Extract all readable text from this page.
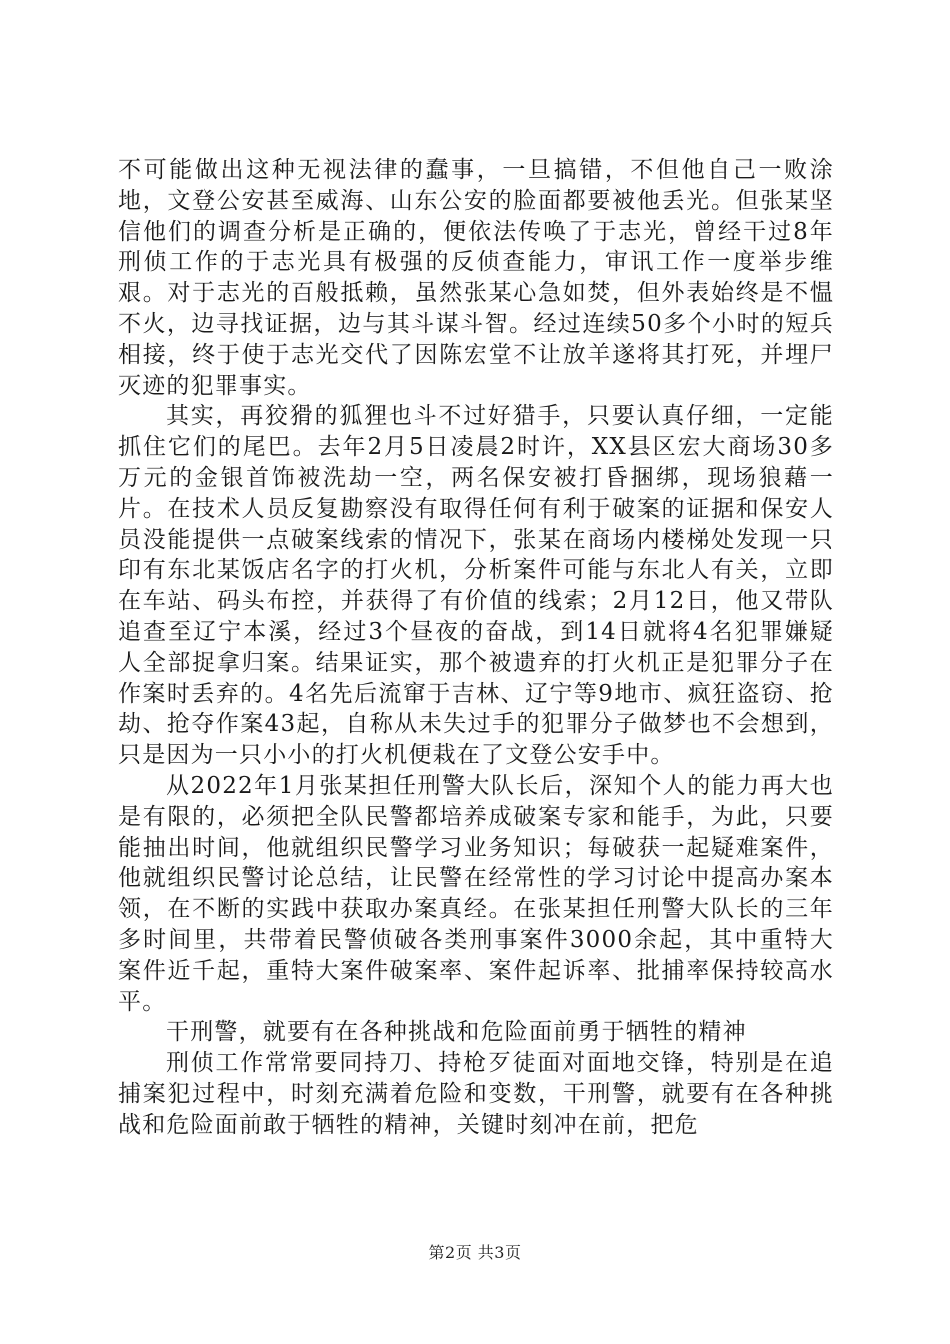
不可能做出这种无视法律的蠢事，一旦搞错，不但他自己一败涂地，文登公安甚至威海、山东公安的脸面都要被他丢光。但张某坚信他们的调查分析是正确的，便依法传唤了于志光，曾经干过8年刑侦工作的于志光具有极强的反侦查能力，审讯工作一度举步维艰。对于志光的百般抵赖，虽然张某心急如焚，但外表始终是不愠不火，边寻找证据，边与其斗谋斗智。经过连续50多个小时的短兵相接，终于使于志光交代了因陈宏堂不让放羊遂将其打死，并埋尸灭迹的犯罪事实。

其实，再狡猾的狐狸也斗不过好猎手，只要认真仔细，一定能抓住它们的尾巴。去年2月5日凌晨2时许，XX县区宏大商场30多万元的金银首饰被洗劫一空，两名保安被打昏捆绑，现场狼藉一片。在技术人员反复勘察没有取得任何有利于破案的证据和保安人员没能提供一点破案线索的情况下，张某在商场内楼梯处发现一只印有东北某饭店名字的打火机，分析案件可能与东北人有关，立即在车站、码头布控，并获得了有价值的线索；2月12日，他又带队追查至辽宁本溪，经过3个昼夜的奋战，到14日就将4名犯罪嫌疑人全部捉拿归案。结果证实，那个被遗弃的打火机正是犯罪分子在作案时丢弃的。4名先后流窜于吉林、辽宁等9地市、疯狂盗窃、抢劫、抢夺作案43起，自称从未失过手的犯罪分子做梦也不会想到，只是因为一只小小的打火机便栽在了文登公安手中。

从2022年1月张某担任刑警大队长后，深知个人的能力再大也是有限的，必须把全队民警都培养成破案专家和能手，为此，只要能抽出时间，他就组织民警学习业务知识；每破获一起疑难案件，他就组织民警讨论总结，让民警在经常性的学习讨论中提高办案本领，在不断的实践中获取办案真经。在张某担任刑警大队长的三年多时间里，共带着民警侦破各类刑事案件3000余起，其中重特大案件近千起，重特大案件破案率、案件起诉率、批捕率保持较高水平。

干刑警，就要有在各种挑战和危险面前勇于牺牲的精神

刑侦工作常常要同持刀、持枪歹徒面对面地交锋，特别是在追捕案犯过程中，时刻充满着危险和变数，干刑警，就要有在各种挑战和危险面前敢于牺牲的精神，关键时刻冲在前，把危

第2页 共3页
